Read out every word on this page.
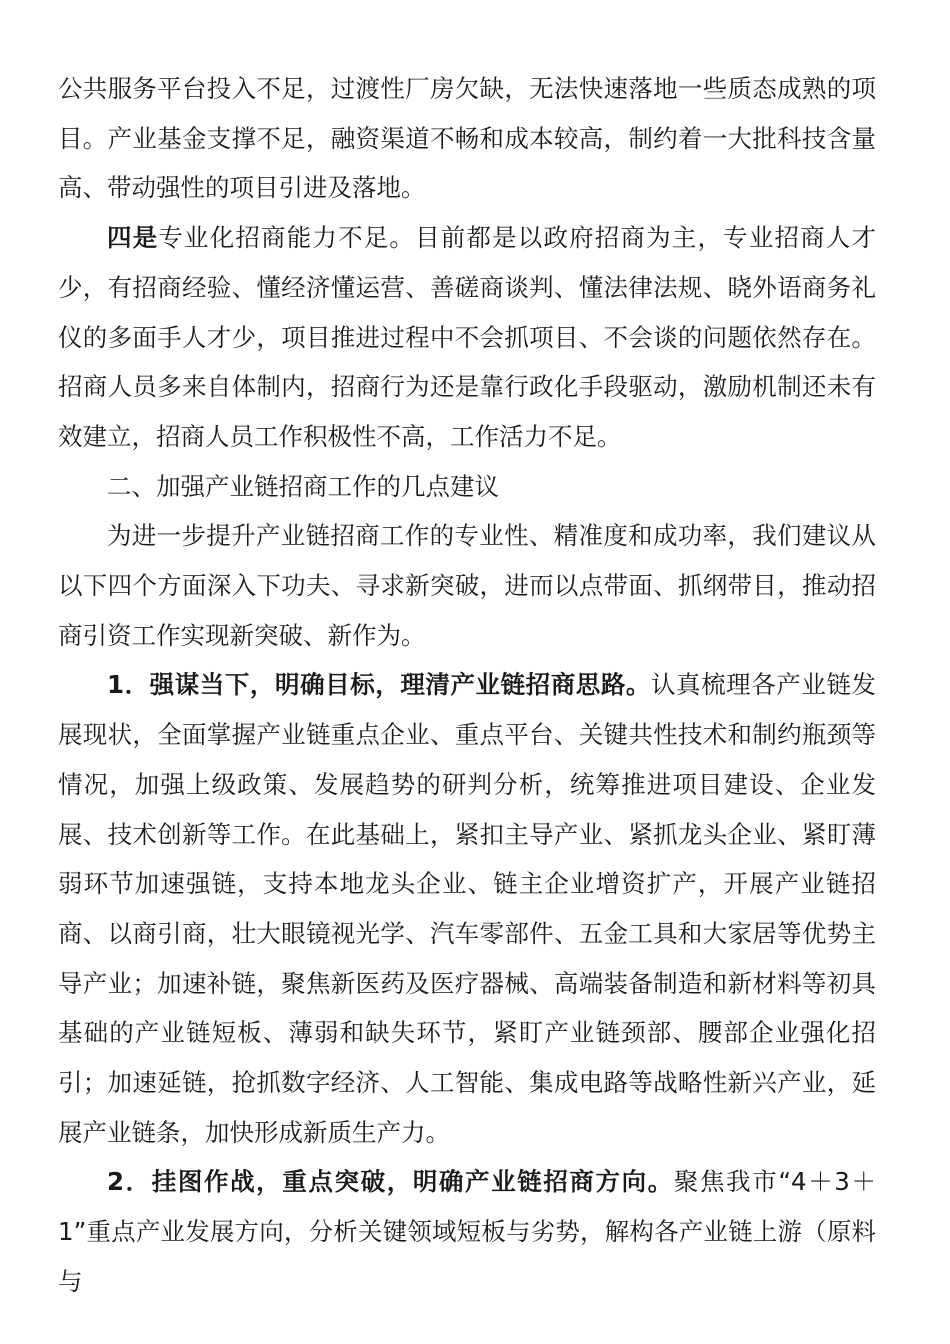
公共服务平台投入不足，过渡性厂房欠缺，无法快速落地一些质态成熟的项目。产业基金支撑不足，融资渠道不畅和成本较高，制约着一大批科技含量高、带动强性的项目引进及落地。

四是专业化招商能力不足。目前都是以政府招商为主，专业招商人才少，有招商经验、懂经济懂运营、善磋商谈判、懂法律法规、晓外语商务礼仪的多面手人才少，项目推进过程中不会抓项目、不会谈的问题依然存在。招商人员多来自体制内，招商行为还是靠行政化手段驱动，激励机制还未有效建立，招商人员工作积极性不高，工作活力不足。

二、加强产业链招商工作的几点建议

为进一步提升产业链招商工作的专业性、精准度和成功率，我们建议从以下四个方面深入下功夫、寻求新突破，进而以点带面、抓纲带目，推动招商引资工作实现新突破、新作为。

1．强谋当下，明确目标，理清产业链招商思路。认真梳理各产业链发展现状，全面掌握产业链重点企业、重点平台、关键共性技术和制约瓶颈等情况，加强上级政策、发展趋势的研判分析，统筹推进项目建设、企业发展、技术创新等工作。在此基础上，紧扣主导产业、紧抓龙头企业、紧盯薄弱环节加速强链，支持本地龙头企业、链主企业增资扩产，开展产业链招商、以商引商，壮大眼镜视光学、汽车零部件、五金工具和大家居等优势主导产业；加速补链，聚焦新医药及医疗器械、高端装备制造和新材料等初具基础的产业链短板、薄弱和缺失环节，紧盯产业链颈部、腰部企业强化招引；加速延链，抢抓数字经济、人工智能、集成电路等战略性新兴产业，延展产业链条，加快形成新质生产力。

2．挂图作战，重点突破，明确产业链招商方向。聚焦我市“4＋3＋1”重点产业发展方向，分析关键领域短板与劣势，解构各产业链上游（原料与
